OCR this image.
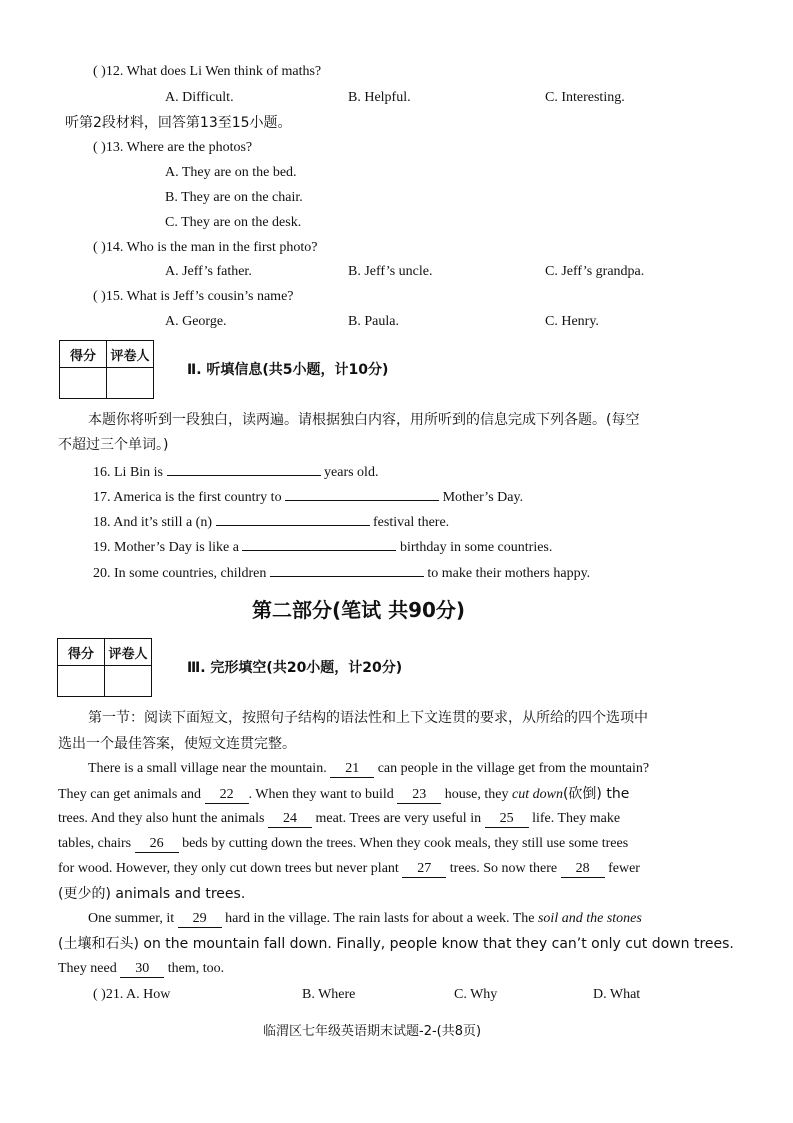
( )12. What does Li Wen think of maths?
A. Difficult.	B. Helpful.	C. Interesting.
听第2段材料，回答第13至15小题。
( )13. Where are the photos?
A. They are on the bed.
B. They are on the chair.
C. They are on the desk.
( )14. Who is the man in the first photo?
A. Jeff’s father.	B. Jeff’s uncle.	C. Jeff’s grandpa.
( )15. What is Jeff’s cousin’s name?
A. George.	B. Paula.	C. Henry.
得分	评卷人

Ⅱ. 听填信息(共5小题，计10分)
本题你将听到一段独白，读两遍。请根据独白内容，用所听到的信息完成下列各题。(每空
不超过三个单词。)
16. Li Bin is	years old.
17. America is the first country to	Mother’s Day.
18. And it’s still a (n)	festival there.
19. Mother’s Day is like a	birthday in some countries.
20. In some countries, children	to make their mothers happy.
第二部分(笔试 共90分)
得分	评卷人

Ⅲ. 完形填空(共20小题，计20分)
第一节：阅读下面短文，按照句子结构的语法性和上下文连贯的要求，从所给的四个选项中
选出一个最佳答案，使短文连贯完整。
There is a small village near the mountain. 21 can people in the village get from the mountain?
They can get animals and 22 . When they want to build 23 house, they cut down(砍倒) the
trees. And they also hunt the animals 24 meat. Trees are very useful in 25 life. They make
tables, chairs 26 beds by cutting down the trees. When they cook meals, they still use some trees
for wood. However, they only cut down trees but never plant 27 trees. So now there 28 fewer
(更少的) animals and trees.
One summer, it 29 hard in the village. The rain lasts for about a week. The soil and the stones
(土壤和石头) on the mountain fall down. Finally, people know that they can’t only cut down trees.
They need 30 them, too.
( )21. A. How	B. Where	C. Why	D. What
临渭区七年级英语期末试题-2-(共8页)
